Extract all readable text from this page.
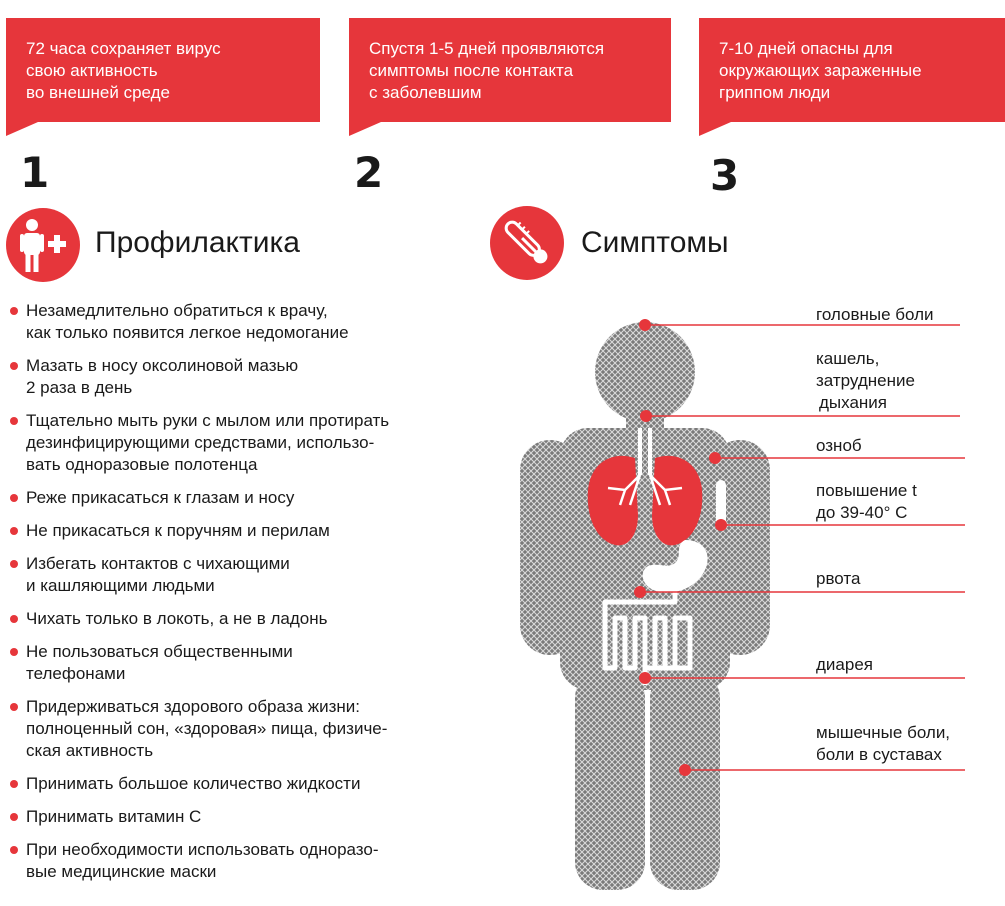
72 часа сохраняет вирус
свою активность
во внешней среде
Спустя 1-5 дней проявляются
симптомы после контакта
с заболевшим
7-10 дней опасны для
окружающих зараженные
гриппом люди
1	2	3
Профилактика	Симптомы
Незамедлительно обратиться к врачу,
как только появится легкое недомогание
Мазать в носу оксолиновой мазью
2 раза в день
Тщательно мыть руки с мылом или протирать
дезинфицирующими средствами, использо-
вать одноразовые полотенца
Реже прикасаться к глазам и носу
Не прикасаться к поручням и перилам
Избегать контактов с чихающими
и кашляющими людьми
Чихать только в локоть, а не в ладонь
Не пользоваться общественными
телефонами
Придерживаться здорового образа жизни:
полноценный сон, «здоровая» пища, физиче-
ская активность
Принимать большое количество жидкости
Принимать витамин С
При необходимости использовать одноразо-
вые медицинские маски
головные боли
кашель,
затруднение
дыхания
озноб
повышение t
до 39-40° C
рвота
диарея
мышечные боли,
боли в суставах
